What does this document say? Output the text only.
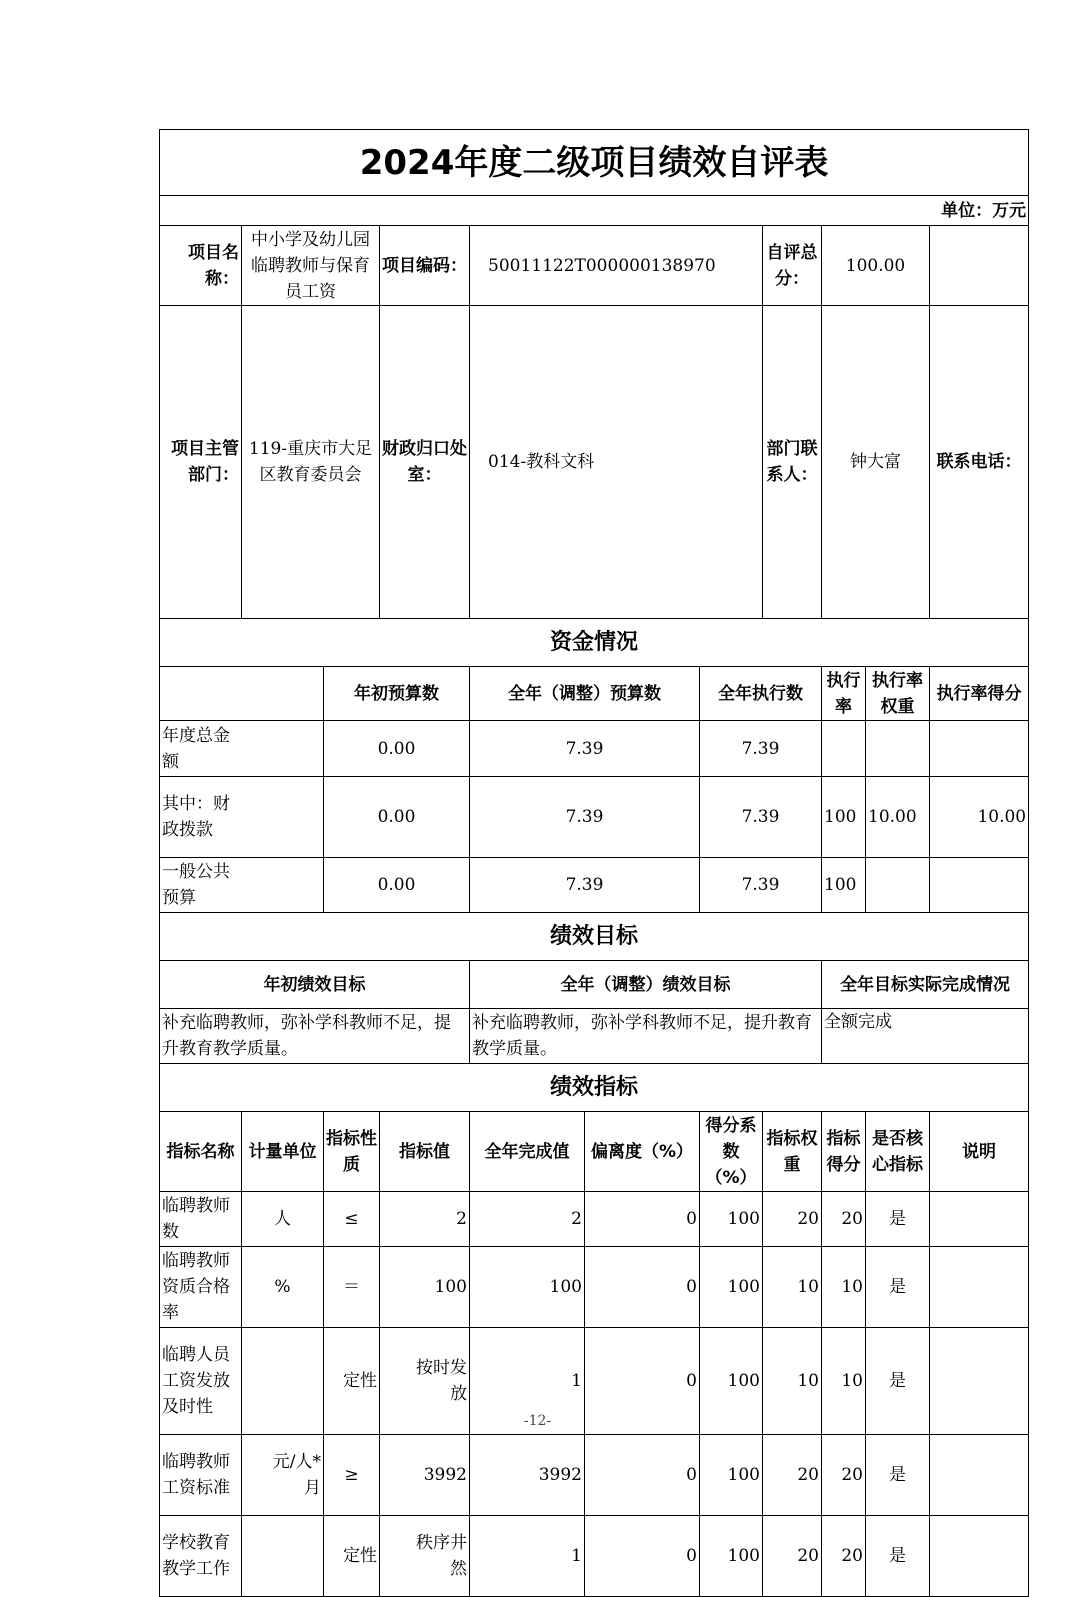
2024年度二级项目绩效自评表											
单位：万元											
项目名称：	中小学及幼儿园临聘教师与保育员工资		项目编码：	50011122T000000138970			自评总分：	100.00			
项目主管部门：	119-重庆市大足区教育委员会		财政归口处室：	014-教科文科			部门联系人：	钟大富		联系电话：	
资金情况											
		年初预算数		全年（调整）预算数		全年执行数		执行率	执行率权重	执行率得分	
年度总金额		0.00		7.39		7.39					
其中：财政拨款		0.00		7.39		7.39		100	10.00	10.00	
一般公共预算		0.00		7.39		7.39		100			
绩效目标											
年初绩效目标				全年（调整）绩效目标				全年目标实际完成情况			
补充临聘教师，弥补学科教师不足，提升教育教学质量。				补充临聘教师，弥补学科教师不足，提升教育教学质量。				全额完成			
绩效指标											
指标名称	计量单位	指标性质	指标值	全年完成值	偏离度（%）	得分系数（%）	指标权重	指标得分	是否核心指标	说明	
临聘教师数	人	≤	2	2	0	100	20	20	是		
临聘教师资质合格率	%	＝	100	100	0	100	10	10	是		
临聘人员工资发放及时性		定性	按时发放	1	0	100	10	10	是		
临聘教师工资标准	元/人*月	≥	3992	3992	0	100	20	20	是		
学校教育教学工作		定性	秩序井然	1	0	100	20	20	是		
-12-
